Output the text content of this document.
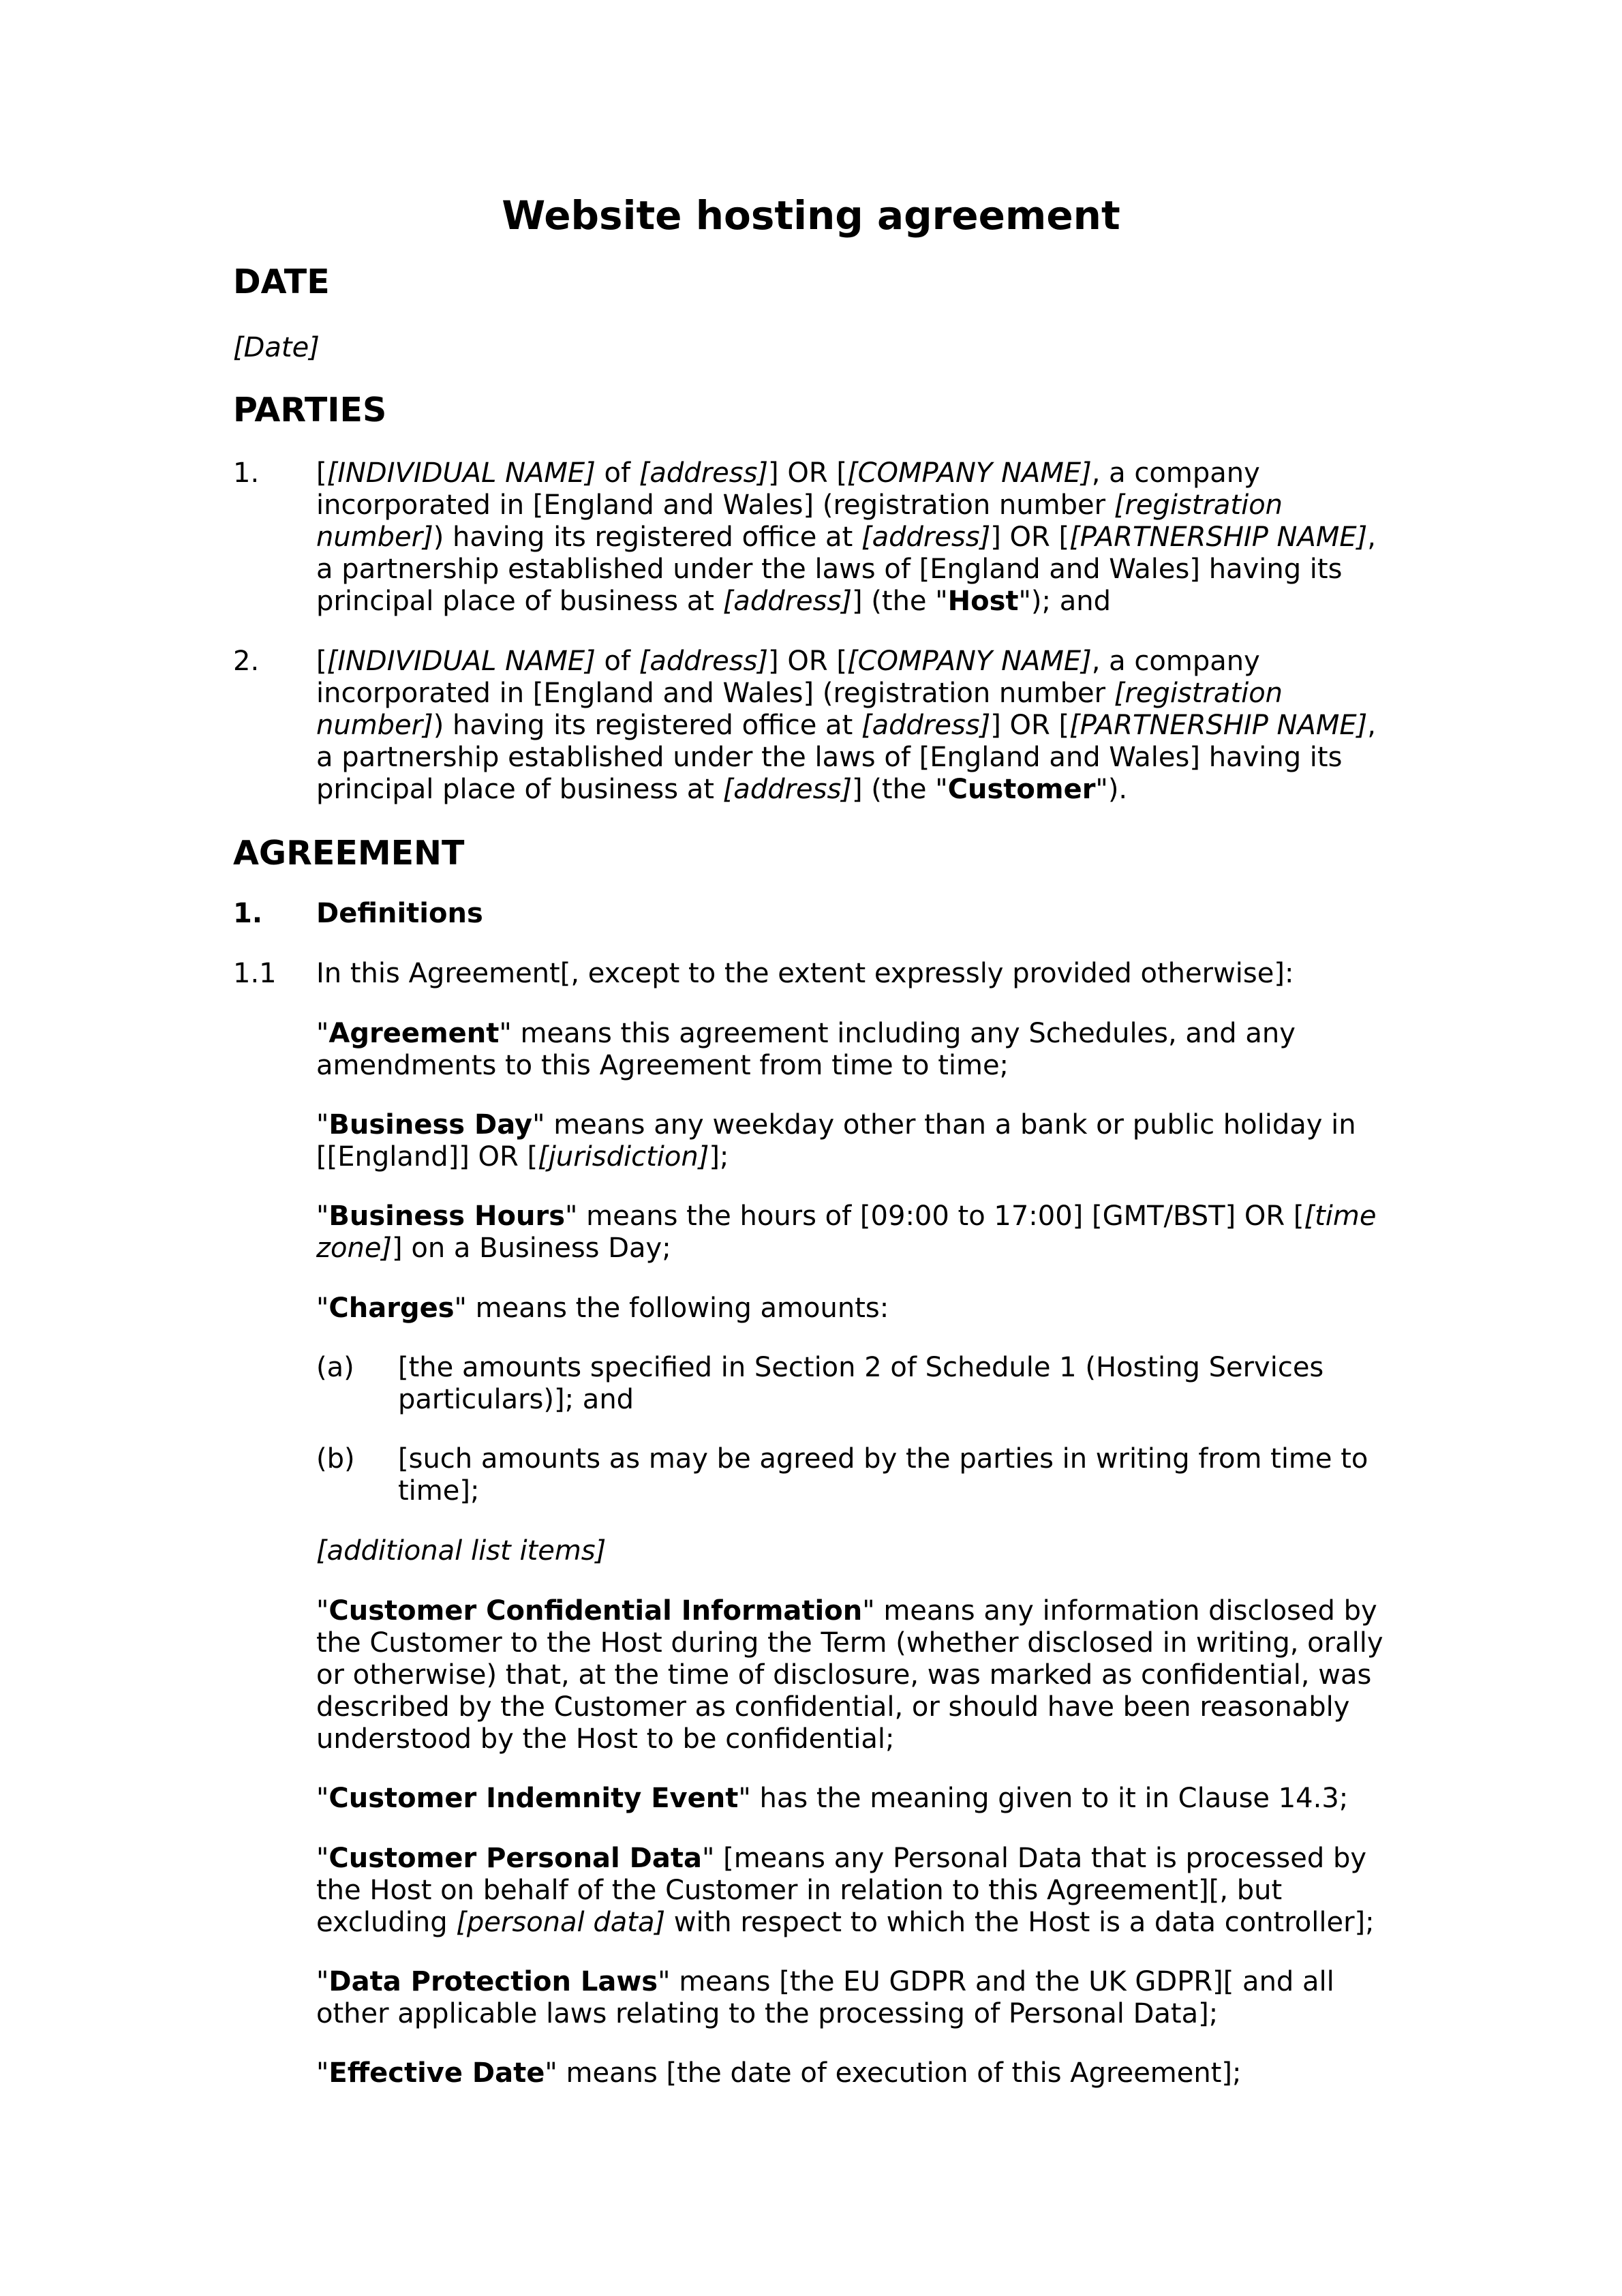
Website hosting agreement
DATE

[Date]

PARTIES

1. [[INDIVIDUAL NAME] of [address]] OR [[COMPANY NAME], a company

incorporated in [England and Wales] (registration number [registration

number]) having its registered office at [address]] OR [[PARTNERSHIP NAME],

a partnership established under the laws of [England and Wales] having its

principal place of business at [address]] (the "Host"); and

2. [[INDIVIDUAL NAME] of [address]] OR [[COMPANY NAME], a company

incorporated in [England and Wales] (registration number [registration

number]) having its registered office at [address]] OR [[PARTNERSHIP NAME],

a partnership established under the laws of [England and Wales] having its

principal place of business at [address]] (the "Customer").

AGREEMENT

1. Definitions

1.1 In this Agreement[, except to the extent expressly provided otherwise]:

"Agreement" means this agreement including any Schedules, and any

amendments to this Agreement from time to time;

"Business Day" means any weekday other than a bank or public holiday in

[[England]] OR [[jurisdiction]];

"Business Hours" means the hours of [09:00 to 17:00] [GMT/BST] OR [[time

zone]] on a Business Day;

"Charges" means the following amounts:

(a) [the amounts specified in Section 2 of Schedule 1 (Hosting Services

particulars)]; and

(b) [such amounts as may be agreed by the parties in writing from time to

time];

[additional list items]

"Customer Confidential Information" means any information disclosed by

the Customer to the Host during the Term (whether disclosed in writing, orally

or otherwise) that, at the time of disclosure, was marked as confidential, was

described by the Customer as confidential, or should have been reasonably

understood by the Host to be confidential;

"Customer Indemnity Event" has the meaning given to it in Clause 14.3;

"Customer Personal Data" [means any Personal Data that is processed by

the Host on behalf of the Customer in relation to this Agreement][, but

excluding [personal data] with respect to which the Host is a data controller];

"Data Protection Laws" means [the EU GDPR and the UK GDPR][ and all

other applicable laws relating to the processing of Personal Data];

"Effective Date" means [the date of execution of this Agreement];
